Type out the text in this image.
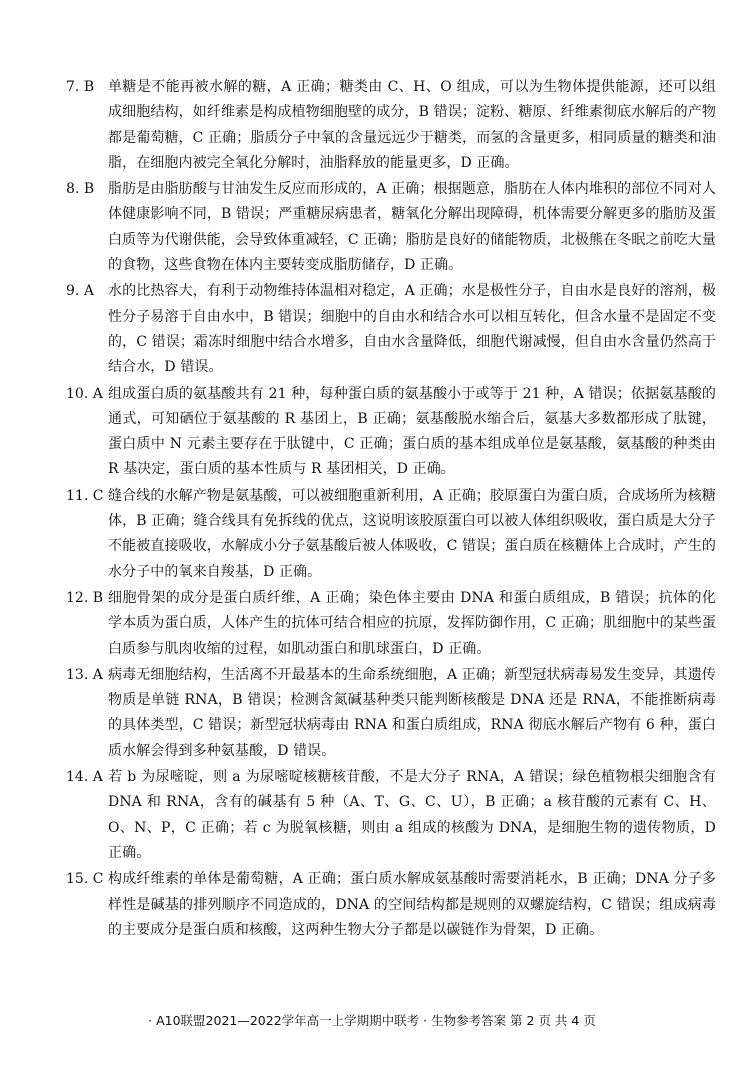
7. B 单糖是不能再被水解的糖，A 正确；糖类由 C、H、O 组成，可以为生物体提供能源，还可以组成细胞结构，如纤维素是构成植物细胞壁的成分，B 错误；淀粉、糖原、纤维素彻底水解后的产物都是葡萄糖，C 正确；脂质分子中氧的含量远远少于糖类，而氢的含量更多，相同质量的糖类和油脂，在细胞内被完全氧化分解时，油脂释放的能量更多，D 正确。
8. B 脂肪是由脂肪酸与甘油发生反应而形成的，A 正确；根据题意，脂肪在人体内堆积的部位不同对人体健康影响不同，B 错误；严重糖尿病患者，糖氧化分解出现障碍，机体需要分解更多的脂肪及蛋白质等为代谢供能，会导致体重减轻，C 正确；脂肪是良好的储能物质，北极熊在冬眠之前吃大量的食物，这些食物在体内主要转变成脂肪储存，D 正确。
9. A	水的比热容大，有利于动物维持体温相对稳定，A 正确；水是极性分子，自由水是良好的溶剂，极性分子易溶于自由水中，B 错误；细胞中的自由水和结合水可以相互转化，但含水量不是固定不变的，C 错误；霜冻时细胞中结合水增多，自由水含量降低，细胞代谢减慢，但自由水含量仍然高于结合水，D 错误。
10. A 组成蛋白质的氨基酸共有 21 种，每种蛋白质的氨基酸小于或等于 21 种，A 错误；依据氨基酸的通式，可知硒位于氨基酸的 R 基团上，B 正确；氨基酸脱水缩合后，氨基大多数都形成了肽键，蛋白质中 N 元素主要存在于肽键中，C 正确；蛋白质的基本组成单位是氨基酸，氨基酸的种类由 R 基决定，蛋白质的基本性质与 R 基团相关，D 正确。
11. C 缝合线的水解产物是氨基酸，可以被细胞重新利用，A 正确；胶原蛋白为蛋白质，合成场所为核糖体，B 正确；缝合线具有免拆线的优点，这说明该胶原蛋白可以被人体组织吸收，蛋白质是大分子不能被直接吸收，水解成小分子氨基酸后被人体吸收，C 错误；蛋白质在核糖体上合成时，产生的水分子中的氧来自羧基，D 正确。
12. B 细胞骨架的成分是蛋白质纤维，A 正确；染色体主要由 DNA 和蛋白质组成，B 错误；抗体的化学本质为蛋白质，人体产生的抗体可结合相应的抗原，发挥防御作用，C 正确；肌细胞中的某些蛋白质参与肌肉收缩的过程，如肌动蛋白和肌球蛋白，D 正确。
13. A 病毒无细胞结构，生活离不开最基本的生命系统细胞，A 正确；新型冠状病毒易发生变异，其遗传物质是单链 RNA，B 错误；检测含氮碱基种类只能判断核酸是 DNA 还是 RNA，不能推断病毒的具体类型，C 错误；新型冠状病毒由 RNA 和蛋白质组成，RNA 彻底水解后产物有 6 种，蛋白质水解会得到多种氨基酸，D 错误。
14. A 若 b 为尿嘧啶，则 a 为尿嘧啶核糖核苷酸，不是大分子 RNA，A 错误；绿色植物根尖细胞含有 DNA 和 RNA，含有的碱基有 5 种（A、T、G、C、U），B 正确；a 核苷酸的元素有 C、H、O、N、P，C 正确；若 c 为脱氧核糖，则由 a 组成的核酸为 DNA，是细胞生物的遗传物质，D 正确。
15. C 构成纤维素的单体是葡萄糖，A 正确；蛋白质水解成氨基酸时需要消耗水，B 正确；DNA 分子多样性是碱基的排列顺序不同造成的，DNA 的空间结构都是规则的双螺旋结构，C 错误；组成病毒的主要成分是蛋白质和核酸，这两种生物大分子都是以碳链作为骨架，D 正确。
· A10联盟2021—2022学年高一上学期期中联考 · 生物参考答案 第 2 页 共 4 页
